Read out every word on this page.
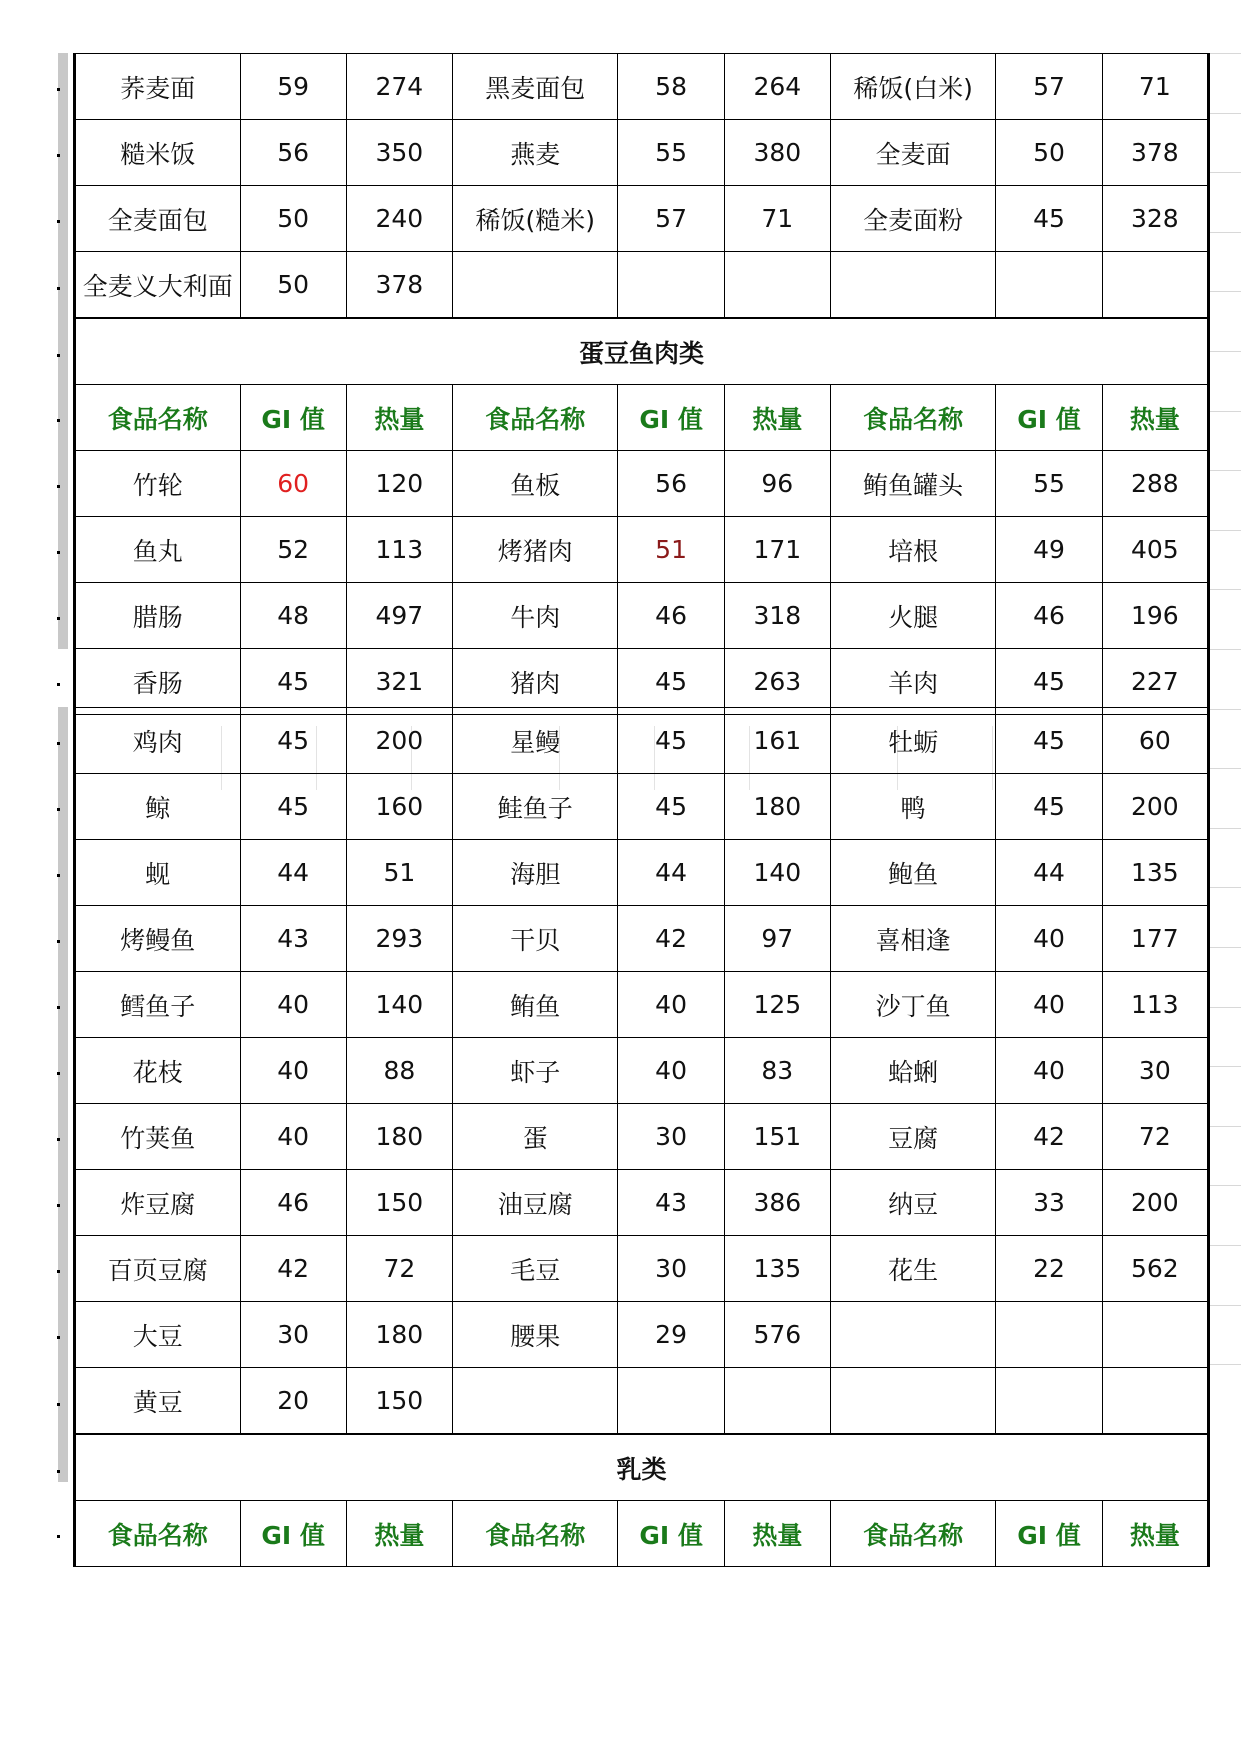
荞麦面	59	274	黑麦面包	58	264	稀饭(白米)	57	71
糙米饭	56	350	燕麦	55	380	全麦面	50	378
全麦面包	50	240	稀饭(糙米)	57	71	全麦面粉	45	328
全麦义大利面	50	378						
蛋豆鱼肉类								
食品名称	GI 值	热量	食品名称	GI 值	热量	食品名称	GI 值	热量
竹轮	60	120	鱼板	56	96	鲔鱼罐头	55	288
鱼丸	52	113	烤猪肉	51	171	培根	49	405
腊肠	48	497	牛肉	46	318	火腿	46	196
香肠	45	321	猪肉	45	263	羊肉	45	227
鸡肉	45	200	星鳗	45	161	牡蛎	45	60
鲸	45	160	鲑鱼子	45	180	鸭	45	200
蚬	44	51	海胆	44	140	鲍鱼	44	135
烤鳗鱼	43	293	干贝	42	97	喜相逢	40	177
鳕鱼子	40	140	鲔鱼	40	125	沙丁鱼	40	113
花枝	40	88	虾子	40	83	蛤蜊	40	30
竹荚鱼	40	180	蛋	30	151	豆腐	42	72
炸豆腐	46	150	油豆腐	43	386	纳豆	33	200
百页豆腐	42	72	毛豆	30	135	花生	22	562
大豆	30	180	腰果	29	576			
黄豆	20	150						
乳类								
食品名称	GI 值	热量	食品名称	GI 值	热量	食品名称	GI 值	热量
